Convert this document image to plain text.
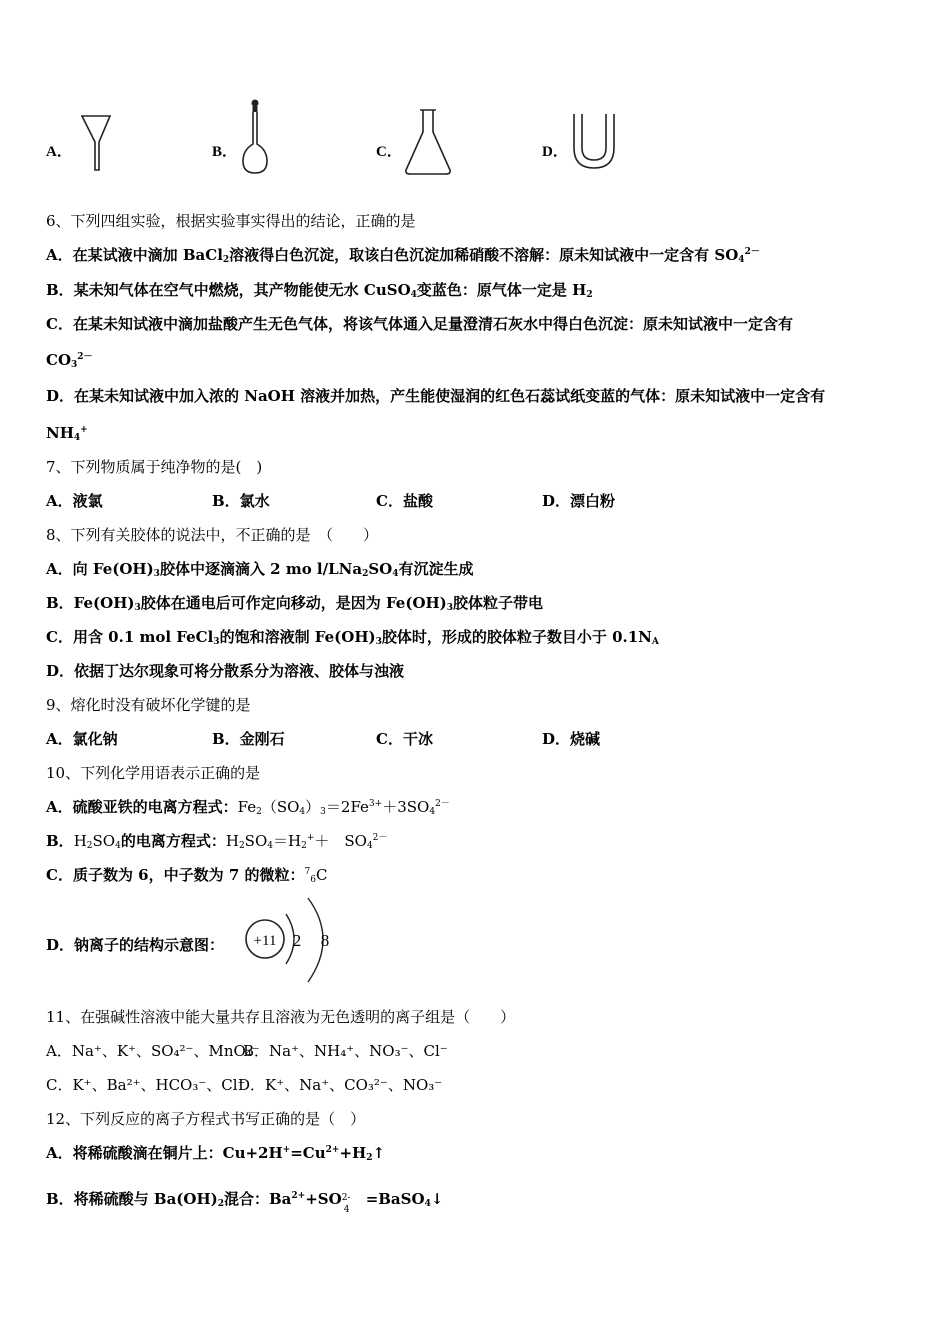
A．	B．	C．	D．
6、下列四组实验，根据实验事实得出的结论，正确的是
A．在某试液中滴加 BaCl$_2$溶液得白色沉淀，取该白色沉淀加稀硝酸不溶解：原未知试液中一定含有 $SO_4^{2-}$
B．某未知气体在空气中燃烧，其产物能使无水 CuSO$_4$变蓝色：原气体一定是 $H_2$
C．在某未知试液中滴加盐酸产生无色气体，将该气体通入足量澄清石灰水中得白色沉淀：原未知试液中一定含有
$CO_3^{2-}$
D．在某未知试液中加入浓的 NaOH 溶液并加热，产生能使湿润的红色石蕊试纸变蓝的气体：原未知试液中一定含有
$NH_4^+$
7、下列物质属于纯净物的是(　)
A．液氯	B．氯水	C．盐酸	D．漂白粉
8、下列有关胶体的说法中，不正确的是　（　　）
A．向 $Fe(OH)_3$胶体中逐滴滴入 2 mo $l/LNa_2SO_4$有沉淀生成
B．$Fe(OH)_3$胶体在通电后可作定向移动，是因为 $Fe(OH)_3$胶体粒子带电
C．用含 0.1 mol FeCl$_3$的饱和溶液制 $Fe(OH)_3$胶体时，形成的胶体粒子数目小于 $0.1N_A$
D．依据丁达尔现象可将分散系分为溶液、胶体与浊液
9、熔化时没有破坏化学键的是
A．氯化钠	B．金刚石	C．干冰	D．烧碱
10、下列化学用语表示正确的是
A．硫酸亚铁的电离方程式：$Fe_2(SO_4)_3=2Fe^{3+}+3SO_4^{2-}$
B．$H_2SO_4$的电离方程式：$H_2SO_4=H_2^++$　$SO_4^{2-}$
C．质子数为 6，中子数为 7 的微粒：$^7_6$C
D．钠离子的结构示意图： +11 2 8
11、在强碱性溶液中能大量共存且溶液为无色透明的离子组是（　　）
A．Na⁺、K⁺、SO₄²⁻、MnO₄⁻
B．Na⁺、NH₄⁺、NO₃⁻、Cl⁻
C．K⁺、Ba²⁺、HCO₃⁻、Cl⁻
D．K⁺、Na⁺、CO₃²⁻、NO₃⁻
12、下列反应的离子方程式书写正确的是（　）
A．将稀硫酸滴在铜片上：$Cu+2H^+=Cu^{2+}+H_2↑$
B．将稀硫酸与 $Ba(OH)_2$混合：$Ba^{2+}+SO$ 2-
4
=BaSO$_4$↓
